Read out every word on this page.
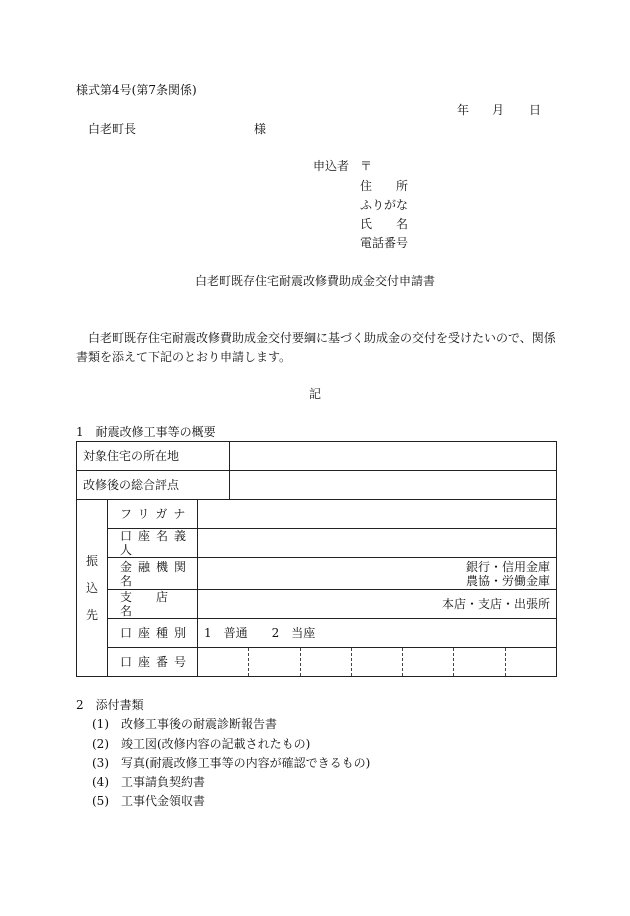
様式第4号(第7条関係)
年 月 日
白老町長	様
申込者 〒
住　　所
ふりがな
氏　　名
電話番号
白老町既存住宅耐震改修費助成金交付申請書
白老町既存住宅耐震改修費助成金交付要綱に基づく助成金の交付を受けたいので、関係
書類を添えて下記のとおり申請します。
記
1　耐震改修工事等の概要
対象住宅の所在地			
改修後の総合評点			

振
込
先	フリガナ		
	口座名義人		
	金融機関名	銀行・信用金庫
農協・労働金庫	

	支　店　名	本店・支店・出張所	
	口座種別	1　普通　　2　当座	
	口座番号		
2　添付書類
(1)　改修工事後の耐震診断報告書
(2)　竣工図(改修内容の記載されたもの)
(3)　写真(耐震改修工事等の内容が確認できるもの)
(4)　工事請負契約書
(5)　工事代金領収書
